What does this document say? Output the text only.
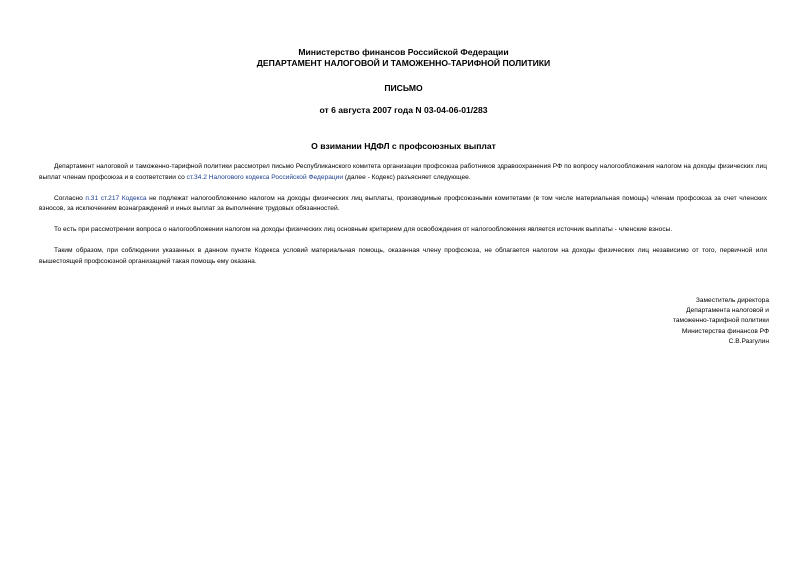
Министерство финансов Российской Федерации
ДЕПАРТАМЕНТ НАЛОГОВОЙ И ТАМОЖЕННО-ТАРИФНОЙ ПОЛИТИКИ
ПИСЬМО
от 6 августа 2007 года N 03-04-06-01/283
О взимании НДФЛ с профсоюзных выплат

Департамент налоговой и таможенно-тарифной политики рассмотрел письмо Республиканского комитета организации профсоюза работников здравоохранения РФ по вопросу налогообложения налогом на доходы физических лиц выплат членам профсоюза и в соответствии со ст.34.2 Налогового кодекса Российской Федерации (далее - Кодекс) разъясняет следующее.

Согласно п.31 ст.217 Кодекса не подлежат налогообложению налогом на доходы физических лиц выплаты, производимые профсоюзными комитетами (в том числе материальная помощь) членам профсоюза за счет членских взносов, за исключением вознаграждений и иных выплат за выполнение трудовых обязанностей.

То есть при рассмотрении вопроса о налогообложении налогом на доходы физических лиц основным критерием для освобождения от налогообложения является источник выплаты - членские взносы.

Таким образом, при соблюдении указанных в данном пункте Кодекса условий материальная помощь, оказанная члену профсоюза, не облагается налогом на доходы физических лиц независимо от того, первичной или вышестоящей профсоюзной организацией такая помощь ему оказана.

Заместитель директора
Департамента налоговой и
таможенно-тарифной политики
Министерства финансов РФ
С.В.Разгулин
